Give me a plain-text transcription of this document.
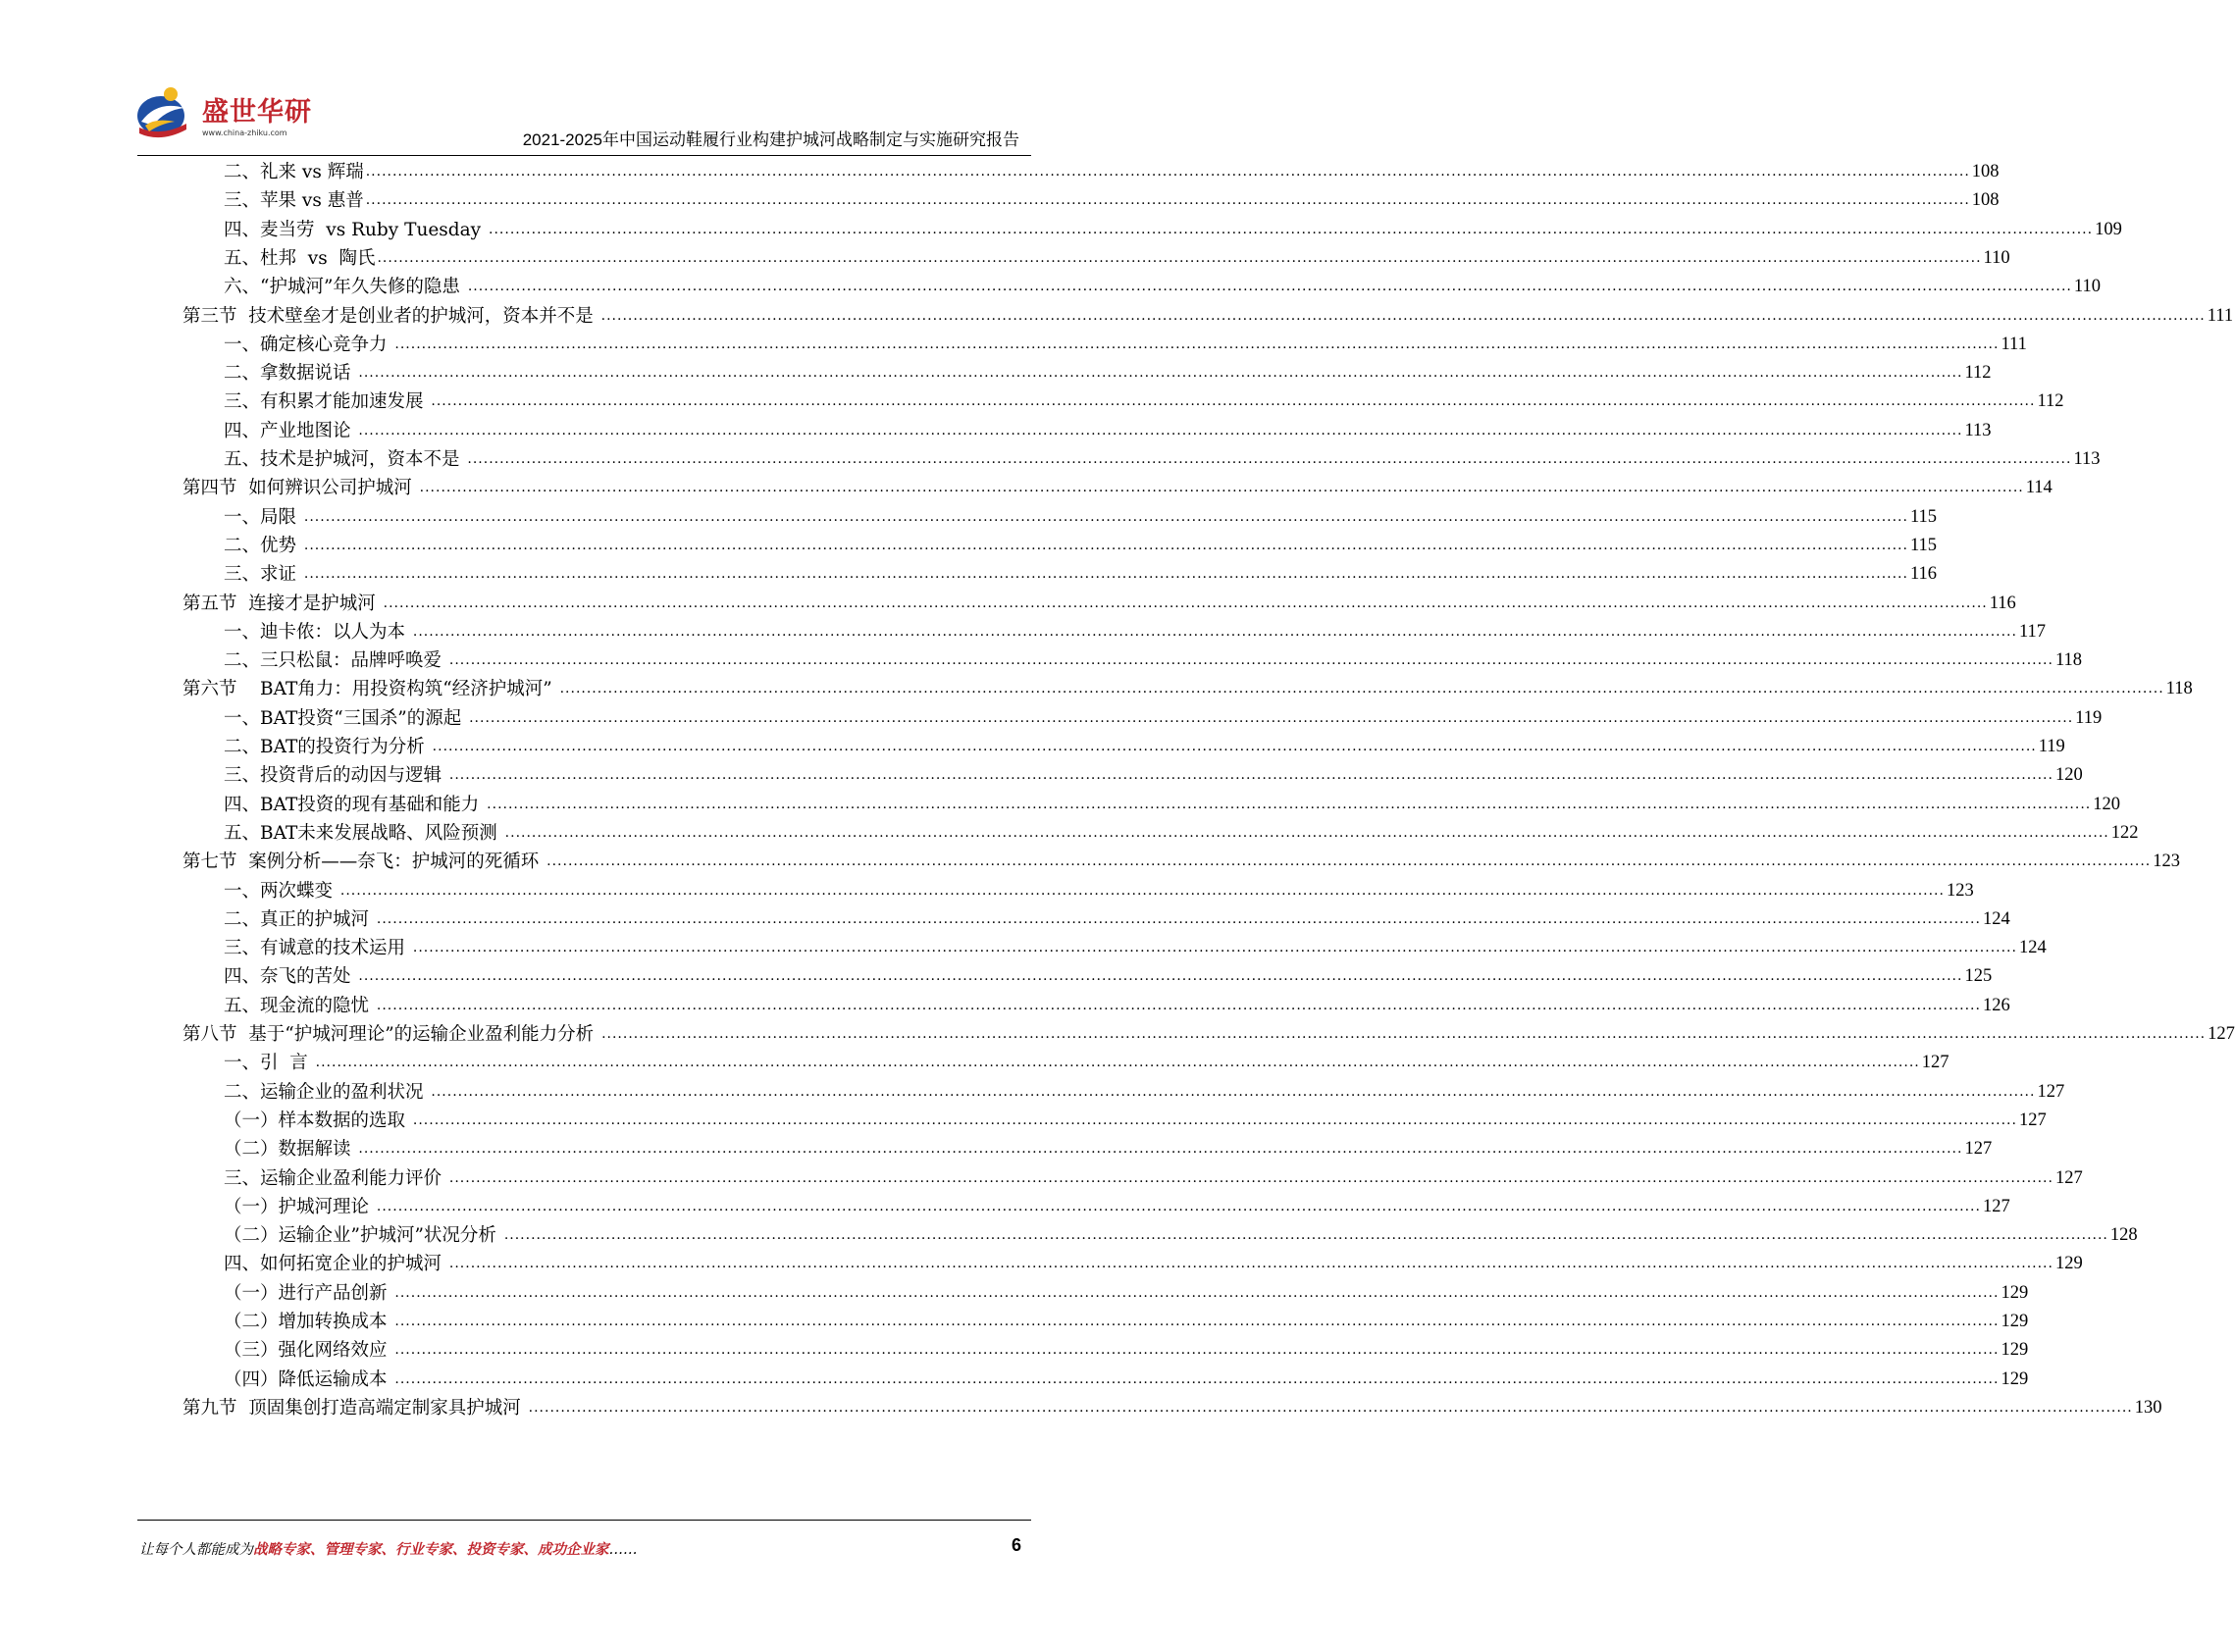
盛世华研
www.china-zhiku.com	2021-2025年中国运动鞋履行业构建护城河战略制定与实施研究报告
二、礼来 vs 辉瑞 ............................................................................................................................................................................................................................................................................................................ 108
三、苹果 vs 惠普 ............................................................................................................................................................................................................................................................................................................ 108
四、麦当劳  vs Ruby Tuesday ............................................................................................................................................................................................................................................................................................................ 109
五、杜邦  vs  陶氏 ............................................................................................................................................................................................................................................................................................................ 110
六、“护城河”年久失修的隐患 ............................................................................................................................................................................................................................................................................................................ 110
第三节  技术壁垒才是创业者的护城河，资本并不是 ............................................................................................................................................................................................................................................................................................................ 111
一、确定核心竞争力 ............................................................................................................................................................................................................................................................................................................ 111
二、拿数据说话 ............................................................................................................................................................................................................................................................................................................ 112
三、有积累才能加速发展 ............................................................................................................................................................................................................................................................................................................ 112
四、产业地图论 ............................................................................................................................................................................................................................................................................................................ 113
五、技术是护城河，资本不是 ............................................................................................................................................................................................................................................................................................................ 113
第四节  如何辨识公司护城河 ............................................................................................................................................................................................................................................................................................................ 114
一、局限 ............................................................................................................................................................................................................................................................................................................ 115
二、优势 ............................................................................................................................................................................................................................................................................................................ 115
三、求证 ............................................................................................................................................................................................................................................................................................................ 116
第五节  连接才是护城河 ............................................................................................................................................................................................................................................................................................................ 116
一、迪卡侬：以人为本 ............................................................................................................................................................................................................................................................................................................ 117
二、三只松鼠：品牌呼唤爱 ............................................................................................................................................................................................................................................................................................................ 118
第六节    BAT角力：用投资构筑“经济护城河” ............................................................................................................................................................................................................................................................................................................ 118
一、BAT投资“三国杀”的源起 ............................................................................................................................................................................................................................................................................................................ 119
二、BAT的投资行为分析 ............................................................................................................................................................................................................................................................................................................ 119
三、投资背后的动因与逻辑 ............................................................................................................................................................................................................................................................................................................ 120
四、BAT投资的现有基础和能力 ............................................................................................................................................................................................................................................................................................................ 120
五、BAT未来发展战略、风险预测 ............................................................................................................................................................................................................................................................................................................ 122
第七节  案例分析——奈飞：护城河的死循环 ............................................................................................................................................................................................................................................................................................................ 123
一、两次蝶变 ............................................................................................................................................................................................................................................................................................................ 123
二、真正的护城河 ............................................................................................................................................................................................................................................................................................................ 124
三、有诚意的技术运用 ............................................................................................................................................................................................................................................................................................................ 124
四、奈飞的苦处 ............................................................................................................................................................................................................................................................................................................ 125
五、现金流的隐忧 ............................................................................................................................................................................................................................................................................................................ 126
第八节  基于“护城河理论”的运输企业盈利能力分析 ............................................................................................................................................................................................................................................................................................................ 127
一、引  言 ............................................................................................................................................................................................................................................................................................................ 127
二、运输企业的盈利状况 ............................................................................................................................................................................................................................................................................................................ 127
（一）样本数据的选取 ............................................................................................................................................................................................................................................................................................................ 127
（二）数据解读 ............................................................................................................................................................................................................................................................................................................ 127
三、运输企业盈利能力评价 ............................................................................................................................................................................................................................................................................................................ 127
（一）护城河理论 ............................................................................................................................................................................................................................................................................................................ 127
（二）运输企业”护城河”状况分析 ............................................................................................................................................................................................................................................................................................................ 128
四、如何拓宽企业的护城河 ............................................................................................................................................................................................................................................................................................................ 129
（一）进行产品创新 ............................................................................................................................................................................................................................................................................................................ 129
（二）增加转换成本 ............................................................................................................................................................................................................................................................................................................ 129
（三）强化网络效应 ............................................................................................................................................................................................................................................................................................................ 129
（四）降低运输成本 ............................................................................................................................................................................................................................................................................................................ 129
第九节  顶固集创打造高端定制家具护城河 ............................................................................................................................................................................................................................................................................................................ 130
让每个人都能成为战略专家、管理专家、行业专家、投资专家、成功企业家……	6
